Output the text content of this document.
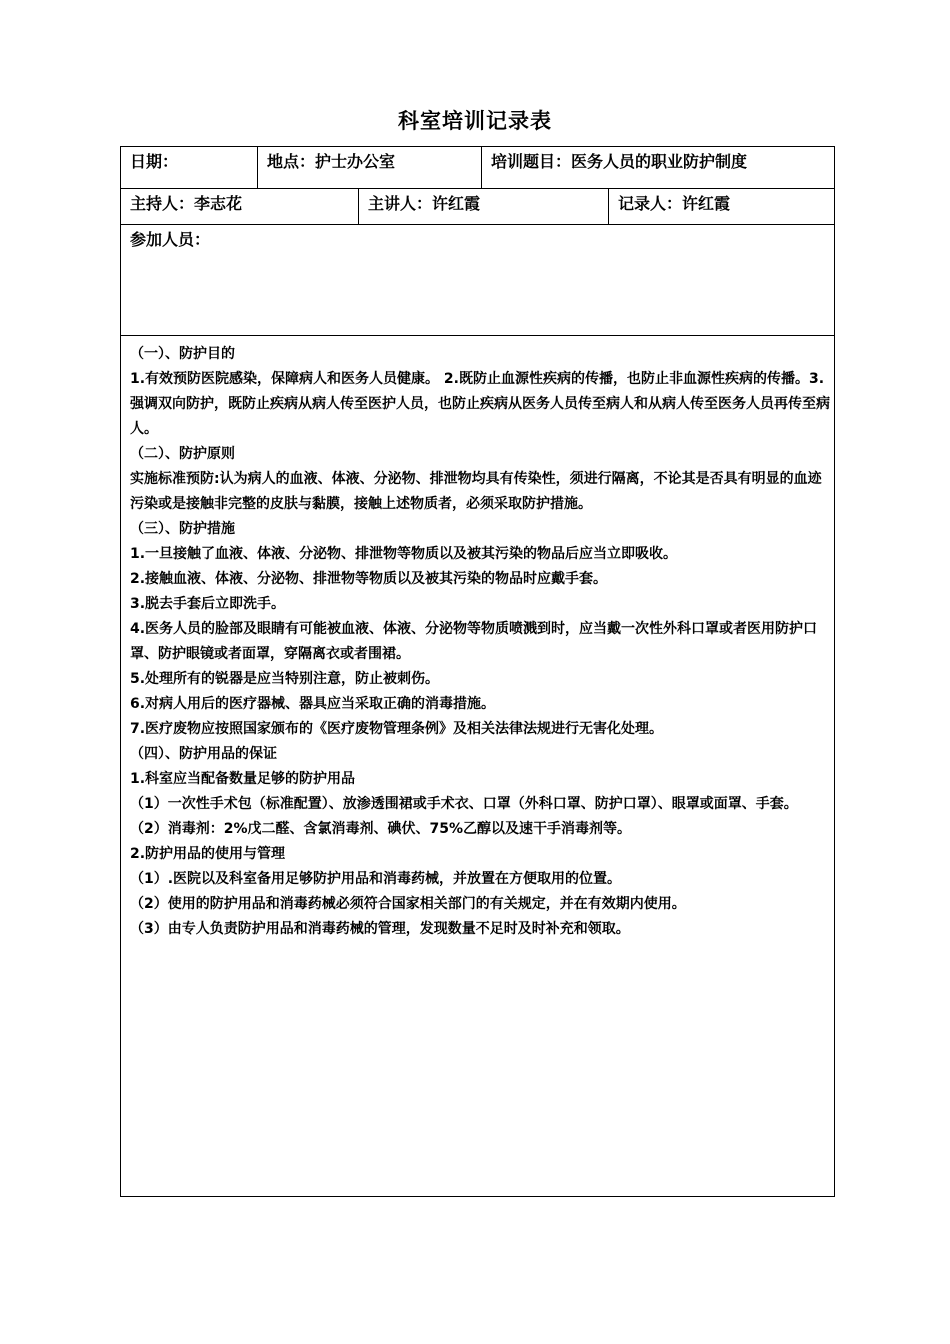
科室培训记录表
日期：	地点：护士办公室	培训题目：医务人员的职业防护制度
主持人：李志花	主讲人：许红霞	记录人：许红霞
参加人员：

（一）、防护目的

1.有效预防医院感染，保障病人和医务人员健康。 2.既防止血源性疾病的传播，也防止非血源性疾病的传播。3.强调双向防护，既防止疾病从病人传至医护人员，也防止疾病从医务人员传至病人和从病人传至医务人员再传至病人。

（二）、防护原则

实施标准预防:认为病人的血液、体液、分泌物、排泄物均具有传染性，须进行隔离，不论其是否具有明显的血迹污染或是接触非完整的皮肤与黏膜，接触上述物质者，必须采取防护措施。

（三）、防护措施

1.一旦接触了血液、体液、分泌物、排泄物等物质以及被其污染的物品后应当立即吸收。

2.接触血液、体液、分泌物、排泄物等物质以及被其污染的物品时应戴手套。

3.脱去手套后立即洗手。

4.医务人员的脸部及眼睛有可能被血液、体液、分泌物等物质喷溅到时，应当戴一次性外科口罩或者医用防护口罩、防护眼镜或者面罩，穿隔离衣或者围裙。

5.处理所有的锐器是应当特别注意，防止被刺伤。

6.对病人用后的医疗器械、器具应当采取正确的消毒措施。

7.医疗废物应按照国家颁布的《医疗废物管理条例》及相关法律法规进行无害化处理。

（四）、防护用品的保证

1.科室应当配备数量足够的防护用品

（1）一次性手术包（标准配置）、放渗透围裙或手术衣、口罩（外科口罩、防护口罩）、眼罩或面罩、手套。

（2）消毒剂：2%戊二醛、含氯消毒剂、碘伏、75%乙醇以及速干手消毒剂等。

2.防护用品的使用与管理

（1）.医院以及科室备用足够防护用品和消毒药械，并放置在方便取用的位置。

（2）使用的防护用品和消毒药械必须符合国家相关部门的有关规定，并在有效期内使用。

（3）由专人负责防护用品和消毒药械的管理，发现数量不足时及时补充和领取。
